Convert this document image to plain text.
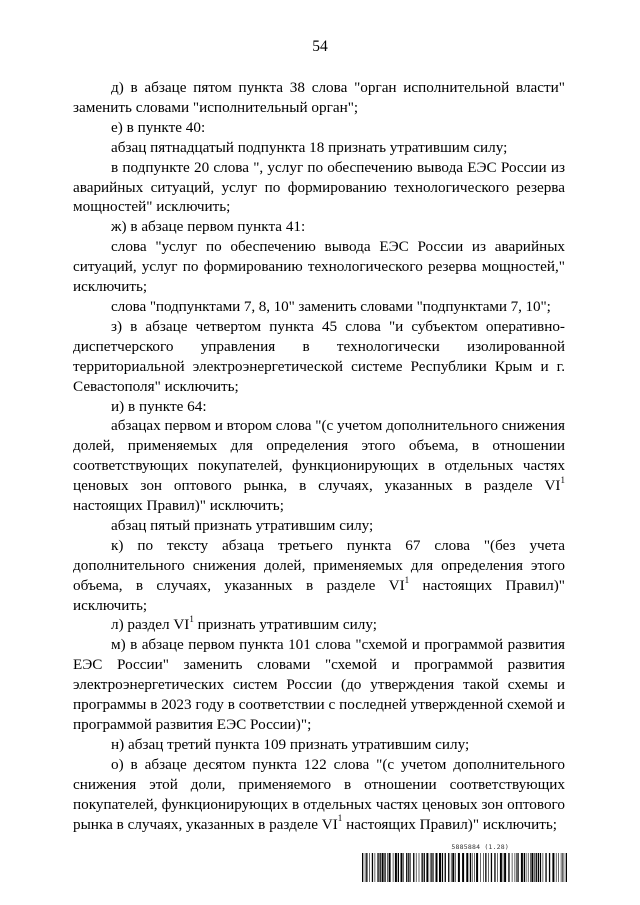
54

д) в абзаце пятом пункта 38 слова "орган исполнительной власти" заменить словами "исполнительный орган";

е) в пункте 40:

абзац пятнадцатый подпункта 18 признать утратившим силу;

в подпункте 20 слова ", услуг по обеспечению вывода ЕЭС России из аварийных ситуаций, услуг по формированию технологического резерва мощностей" исключить;

ж) в абзаце первом пункта 41:

слова "услуг по обеспечению вывода ЕЭС России из аварийных ситуаций, услуг по формированию технологического резерва мощностей," исключить;

слова "подпунктами 7, 8, 10" заменить словами "подпунктами 7, 10";

з) в абзаце четвертом пункта 45 слова "и субъектом оперативно-диспетчерского управления в технологически изолированной территориальной электроэнергетической системе Республики Крым и г. Севастополя" исключить;

и) в пункте 64:

абзацах первом и втором слова "(с учетом дополнительного снижения долей, применяемых для определения этого объема, в отношении соответствующих покупателей, функционирующих в отдельных частях ценовых зон оптового рынка, в случаях, указанных в разделе $VI^1$ настоящих Правил)" исключить;

абзац пятый признать утратившим силу;

к) по тексту абзаца третьего пункта 67 слова "(без учета дополнительного снижения долей, применяемых для определения этого объема, в случаях, указанных в разделе $VI^1$ настоящих Правил)" исключить;

л) раздел $VI^1$ признать утратившим силу;

м) в абзаце первом пункта 101 слова "схемой и программой развития ЕЭС России" заменить словами "схемой и программой развития электроэнергетических систем России (до утверждения такой схемы и программы в 2023 году в соответствии с последней утвержденной схемой и программой развития ЕЭС России)";

н) абзац третий пункта 109 признать утратившим силу;

о) в абзаце десятом пункта 122 слова "(с учетом дополнительного снижения этой доли, применяемого в отношении соответствующих покупателей, функционирующих в отдельных частях ценовых зон оптового рынка в случаях, указанных в разделе $VI^1$ настоящих Правил)" исключить;

5885884 (1.28)
